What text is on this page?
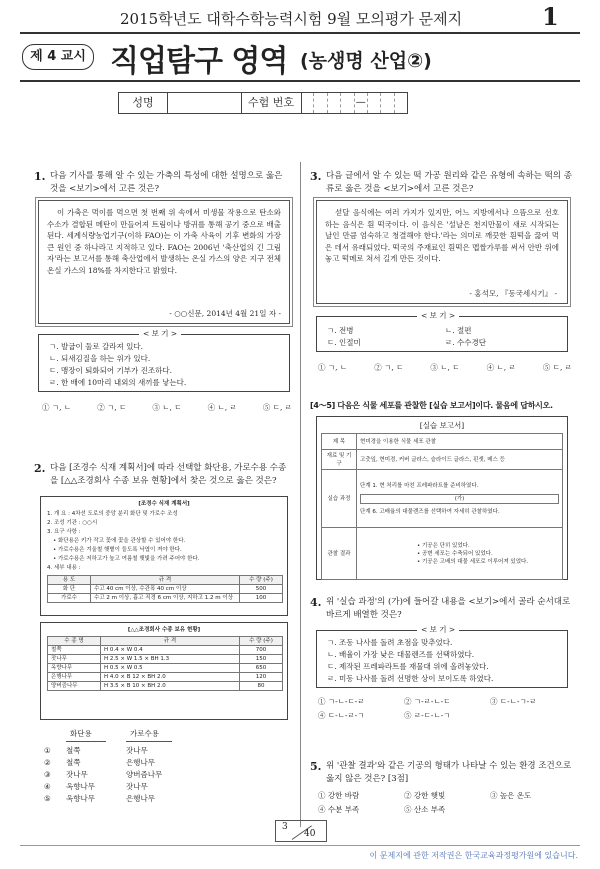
2015학년도 대학수학능력시험 9월 모의평가 문제지	1
제 4 교시 직업탐구 영역 (농생명 산업②)
성명	수험 번호	—
1. 다음 기사를 통해 알 수 있는 가축의 특성에 대한 설명으로 옳은 것을 <보기>에서 고른 것은?
이 가축은 먹이를 먹으면 첫 번째 위 속에서 미생물 작용으로 탄소와 수소가 결합된 메탄이 만들어져 트림이나 방귀를 통해 공기 중으로 배출된다. 세계식량농업기구(이하 FAO)는 이 가축 사육이 기후 변화의 가장 큰 원인 중 하나라고 지적하고 있다. FAO는 2006년 '축산업의 긴 그림자'라는 보고서를 통해 축산업에서 발생하는 온실 가스의 양은 지구 전체 온실 가스의 18%를 차지한다고 밝혔다.
- ○○신문, 2014년 4월 21일 자 -
< 보 기 >
ㄱ. 발굽이 둘로 갈라져 있다.
ㄴ. 되새김질을 하는 위가 있다.
ㄷ. 맹장이 퇴화되어 기부가 진조하다.
ㄹ. 한 배에 10마리 내외의 새끼를 낳는다.
① ㄱ, ㄴ	② ㄱ, ㄷ	③ ㄴ, ㄷ	④ ㄴ, ㄹ	⑤ ㄷ, ㄹ
2. 다음 [조경수 식재 계획서]에 따라 선택할 화단용, 가로수용 수종을 [△△조경회사 수종 보유 현황]에서 찾은 것으로 옳은 것은?
[조경수 식재 계획서]
1. 개 요 : 4차선 도로의 중앙 분리 화단 및 가로수 조성
2. 조성 기관 : ○○시
3. 요구 사항 :
• 화단용은 키가 작고 꽃에 꽃을 관상할 수 있어야 한다.
• 가로수용은 겨울철 햇볕이 들도록 낙엽이 져야 한다.
• 가로수용은 저하고가 높고 여름철 햇빛을 가려 주어야 한다.
4. 세부 내용 :
용 도	규 격	수 량 (주)
화 단	수고 40 cm 이상, 수관폭 40 cm 이상	500
가로수	수고 2 m 이상, 흉고 직경 6 cm 이상, 지하고 1.2 m 이상	100
[△△조경회사 수종 보유 현황]
수 종 명	규 격	수 량 (주)
철쭉	H 0.4 × W 0.4	700
잣나무	H 2.5 × W 1.5 × BH 1.3	150
옥향나무	H 0.5 × W 0.5	650
은행나무	H 4.0 × B 12 × BH 2.0	120
양버즘나무	H 3.5 × B 10 × BH 2.0	80
화단용	가로수용
① 철쭉	잣나무
② 철쭉	은행나무
③ 잣나무	양버즘나무
④ 옥향나무	잣나무
⑤ 옥향나무	은행나무
3. 다음 글에서 알 수 있는 떡 가공 원리와 같은 유형에 속하는 떡의 종류로 옳은 것을 <보기>에서 고른 것은?
섣달 음식에는 여러 가지가 있지만, 어느 지방에서나 으뜸으로 선호하는 음식은 흰 떡국이다. 이 음식은 '설날은 천지만물이 새로 시작되는 날인 만큼 엄숙하고 청결해야 한다.'라는 의미로 깨끗한 흰떡을 끓여 먹은 데서 유래되었다. 떡국의 주재료인 흰떡은 멥쌀가루를 써서 안반 위에 놓고 떡메로 쳐서 길게 만든 것이다.
- 홍석모, 『동국세시기』 -
< 보 기 >
ㄱ. 전병	ㄴ. 절편
ㄷ. 인절미	ㄹ. 수수경단
① ㄱ, ㄴ	② ㄱ, ㄷ	③ ㄴ, ㄷ	④ ㄴ, ㄹ	⑤ ㄷ, ㄹ
[4～5] 다음은 식물 세포를 관찰한 [실습 보고서]이다. 물음에 답하시오.
[실습 보고서]
제 목	현미경을 이용한 식물 세포 관찰
재료 및 기구	고춧잎, 현미경, 커버 글라스, 슬라이드 글라스, 핀셋, 메스 등
실습 과정	단계 1. 현 처리를 마친 프레파라트를 준비하였다.
(가)
단계 6. 고배율의 대물렌즈를 선택하여 자세히 관찰하였다.

관찰 결과	• 기공은 단히 있었다.
• 공변 세포는 수축되어 있었다.
• 기공은 고배의 대물 세포로 이루어져 있었다.
4. 위 '실습 과정'의 (가)에 들어갈 내용을 <보기>에서 골라 순서대로 바르게 배열한 것은?
< 보 기 >
ㄱ. 조동 나사를 돌려 초점을 맞추었다.
ㄴ. 배율이 가장 낮은 대물렌즈를 선택하였다.
ㄷ. 제작된 프레파라트를 재물대 위에 올려놓았다.
ㄹ. 미동 나사를 돌려 선명한 상이 보이도록 하였다.
① ㄱ-ㄴ-ㄷ-ㄹ	② ㄱ-ㄹ-ㄴ-ㄷ	③ ㄷ-ㄴ-ㄱ-ㄹ
④ ㄷ-ㄴ-ㄹ-ㄱ	⑤ ㄹ-ㄷ-ㄴ-ㄱ
5. 위 '관찰 결과'와 같은 기공의 형태가 나타날 수 있는 환경 조건으로 옳지 않은 것은? [3점]
① 강한 바람	② 강한 햇빛	③ 높은 온도
④ 수분 부족	⑤ 산소 부족
3
40
이 문제지에 관한 저작권은 한국교육과정평가원에 있습니다.
